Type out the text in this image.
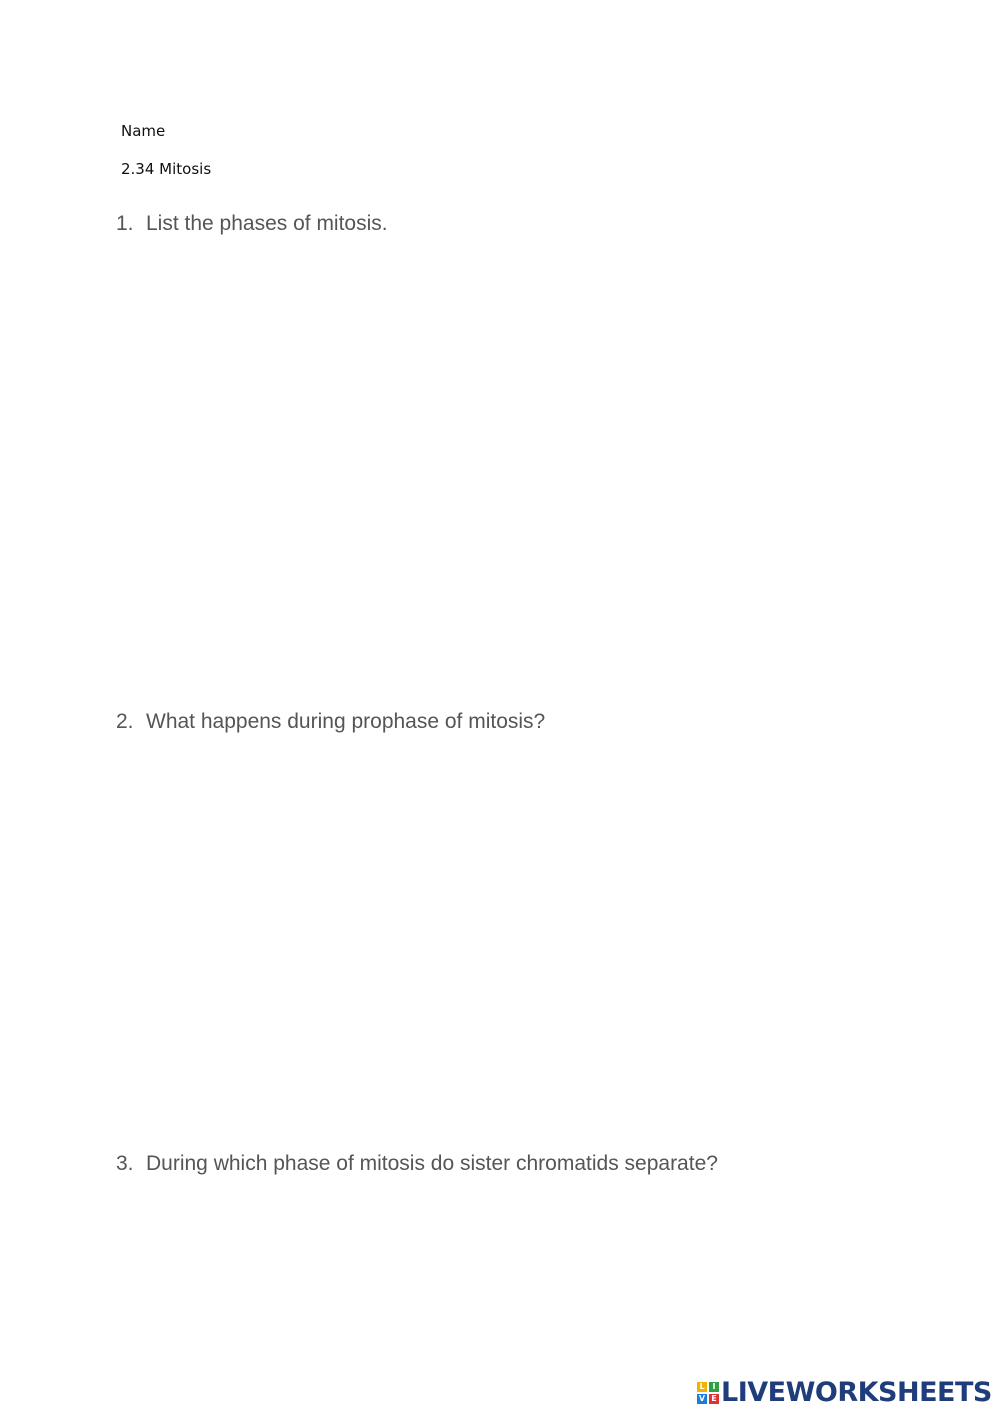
Name
2.34 Mitosis
1. List the phases of mitosis.
2. What happens during prophase of mitosis?
3. During which phase of mitosis do sister chromatids separate?
L I
V E LIVEWORKSHEETS
